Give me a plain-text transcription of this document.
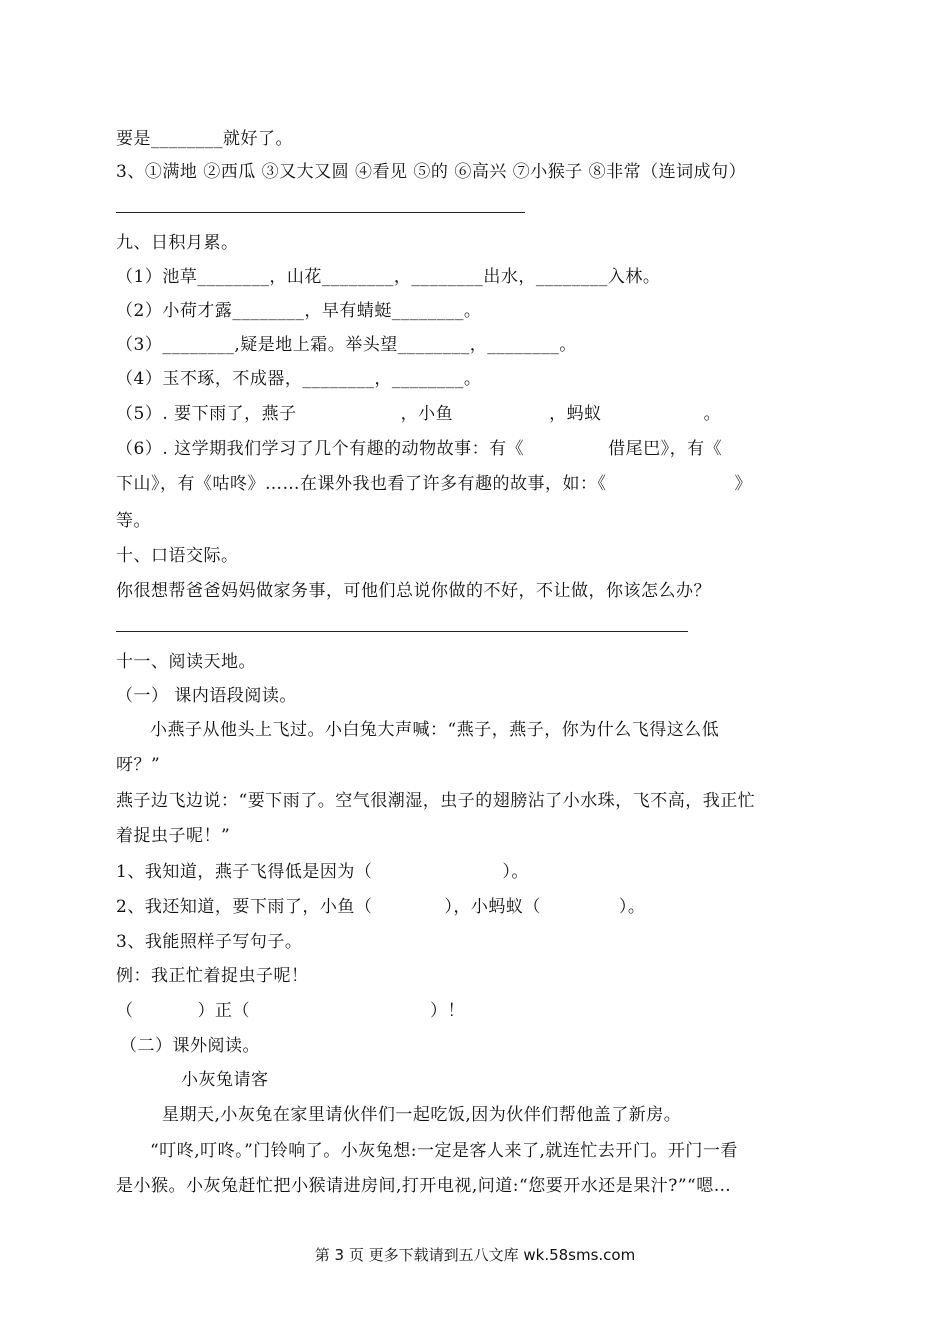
要是________就好了。
3、①满地 ②西瓜 ③又大又圆 ④看见 ⑤的 ⑥高兴 ⑦小猴子 ⑧非常（连词成句）
九、日积月累。
（1）池草________，山花________，________出水，________入林。
（2）小荷才露________，早有蜻蜓________。
（3）________,疑是地上霜。举头望________，________。
（4）玉不琢，不成器，________，________。
（5）. 要下雨了，燕子	，小鱼	，蚂蚁	。
（6）. 这学期我们学习了几个有趣的动物故事：有《	借尾巴》，有《
下山》，有《咕咚》……在课外我也看了许多有趣的故事，如：《	》
等。
十、口语交际。
你很想帮爸爸妈妈做家务事，可他们总说你做的不好，不让做，你该怎么办？
十一、阅读天地。
（一） 课内语段阅读。
小燕子从他头上飞过。小白兔大声喊：“燕子，燕子，你为什么飞得这么低
呀？”
燕子边飞边说：“要下雨了。空气很潮湿，虫子的翅膀沾了小水珠，飞不高，我正忙
着捉虫子呢！”
1、我知道，燕子飞得低是因为（	）。
2、我还知道，要下雨了，小鱼（	），小蚂蚁（	）。
3、我能照样子写句子。
例：我正忙着捉虫子呢！
（	）正（	）！
（二）课外阅读。
小灰兔请客
星期天,小灰兔在家里请伙伴们一起吃饭,因为伙伴们帮他盖了新房。
“叮咚,叮咚。”门铃响了。小灰兔想:一定是客人来了,就连忙去开门。开门一看
是小猴。小灰兔赶忙把小猴请进房间,打开电视,问道:“您要开水还是果汁?”“嗯…
第 3 页 更多下载请到五八文库 wk.58sms.com
